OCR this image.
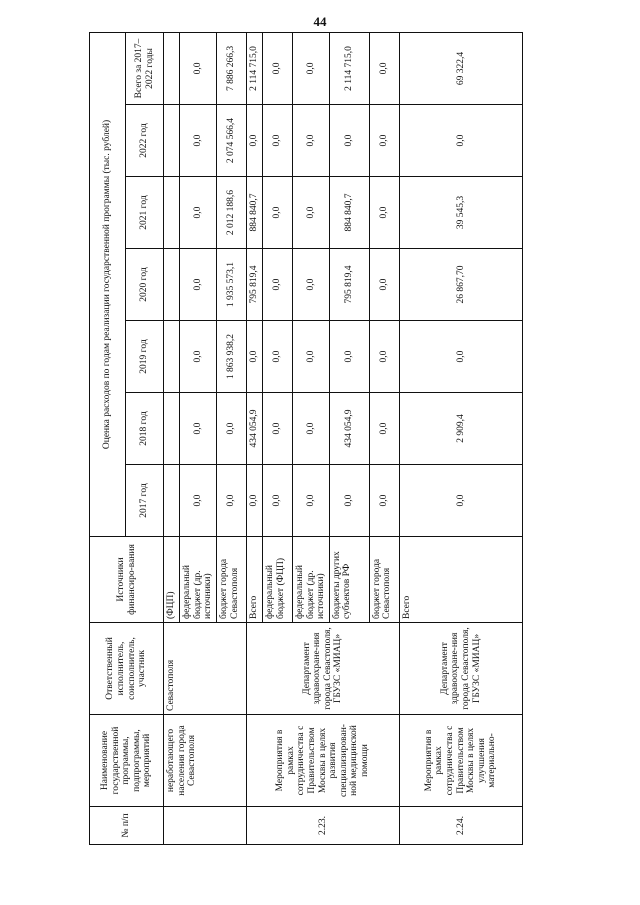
44
№ п/п	Наименование государственной программы, подпрограммы, мероприятий	Ответственный исполнитель, соисполнитель, участник	Источники финансиро-вания	Оценка расходов по годам реализации государственной программы (тыс. рублей)						
				2017 год	2018 год	2019 год	2020 год	2021 год	2022 год	Всего за 2017–2022 годы
	неработающего населения города Севастополя	Севастополя	(ФЦП)							
			федеральный бюджет (др. источники)	0,0	0,0	0,0	0,0	0,0	0,0	0,0
			бюджет города Севастополя	0,0	0,0	1 863 938,2	1 935 573,1	2 012 188,6	2 074 566,4	7 886 266,3
2.23.	Мероприятия в рамках сотрудничества с Правительством Москвы в целях развития специализирован-ной медицинской помощи	Департамент здравоохране-ния города Севастополя, ГБУЗС «МИАЦ»	Всего	0,0	434 054,9	0,0	795 819,4	884 840,7	0,0	2 114 715,0
			федеральный бюджет (ФЦП)	0,0	0,0	0,0	0,0	0,0	0,0	0,0
			федеральный бюджет (др. источники)	0,0	0,0	0,0	0,0	0,0	0,0	0,0
			бюджеты других субъектов РФ	0,0	434 054,9	0,0	795 819,4	884 840,7	0,0	2 114 715,0
			бюджет города Севастополя	0,0	0,0	0,0	0,0	0,0	0,0	0,0
2.24.	Мероприятия в рамках сотрудничества с Правительством Москвы в целях улучшения материально-	Департамент здравоохране-ния города Севастополя, ГБУЗС «МИАЦ»	Всего	0,0	2 909,4	0,0	26 867,70	39 545,3	0,0	69 322,4
